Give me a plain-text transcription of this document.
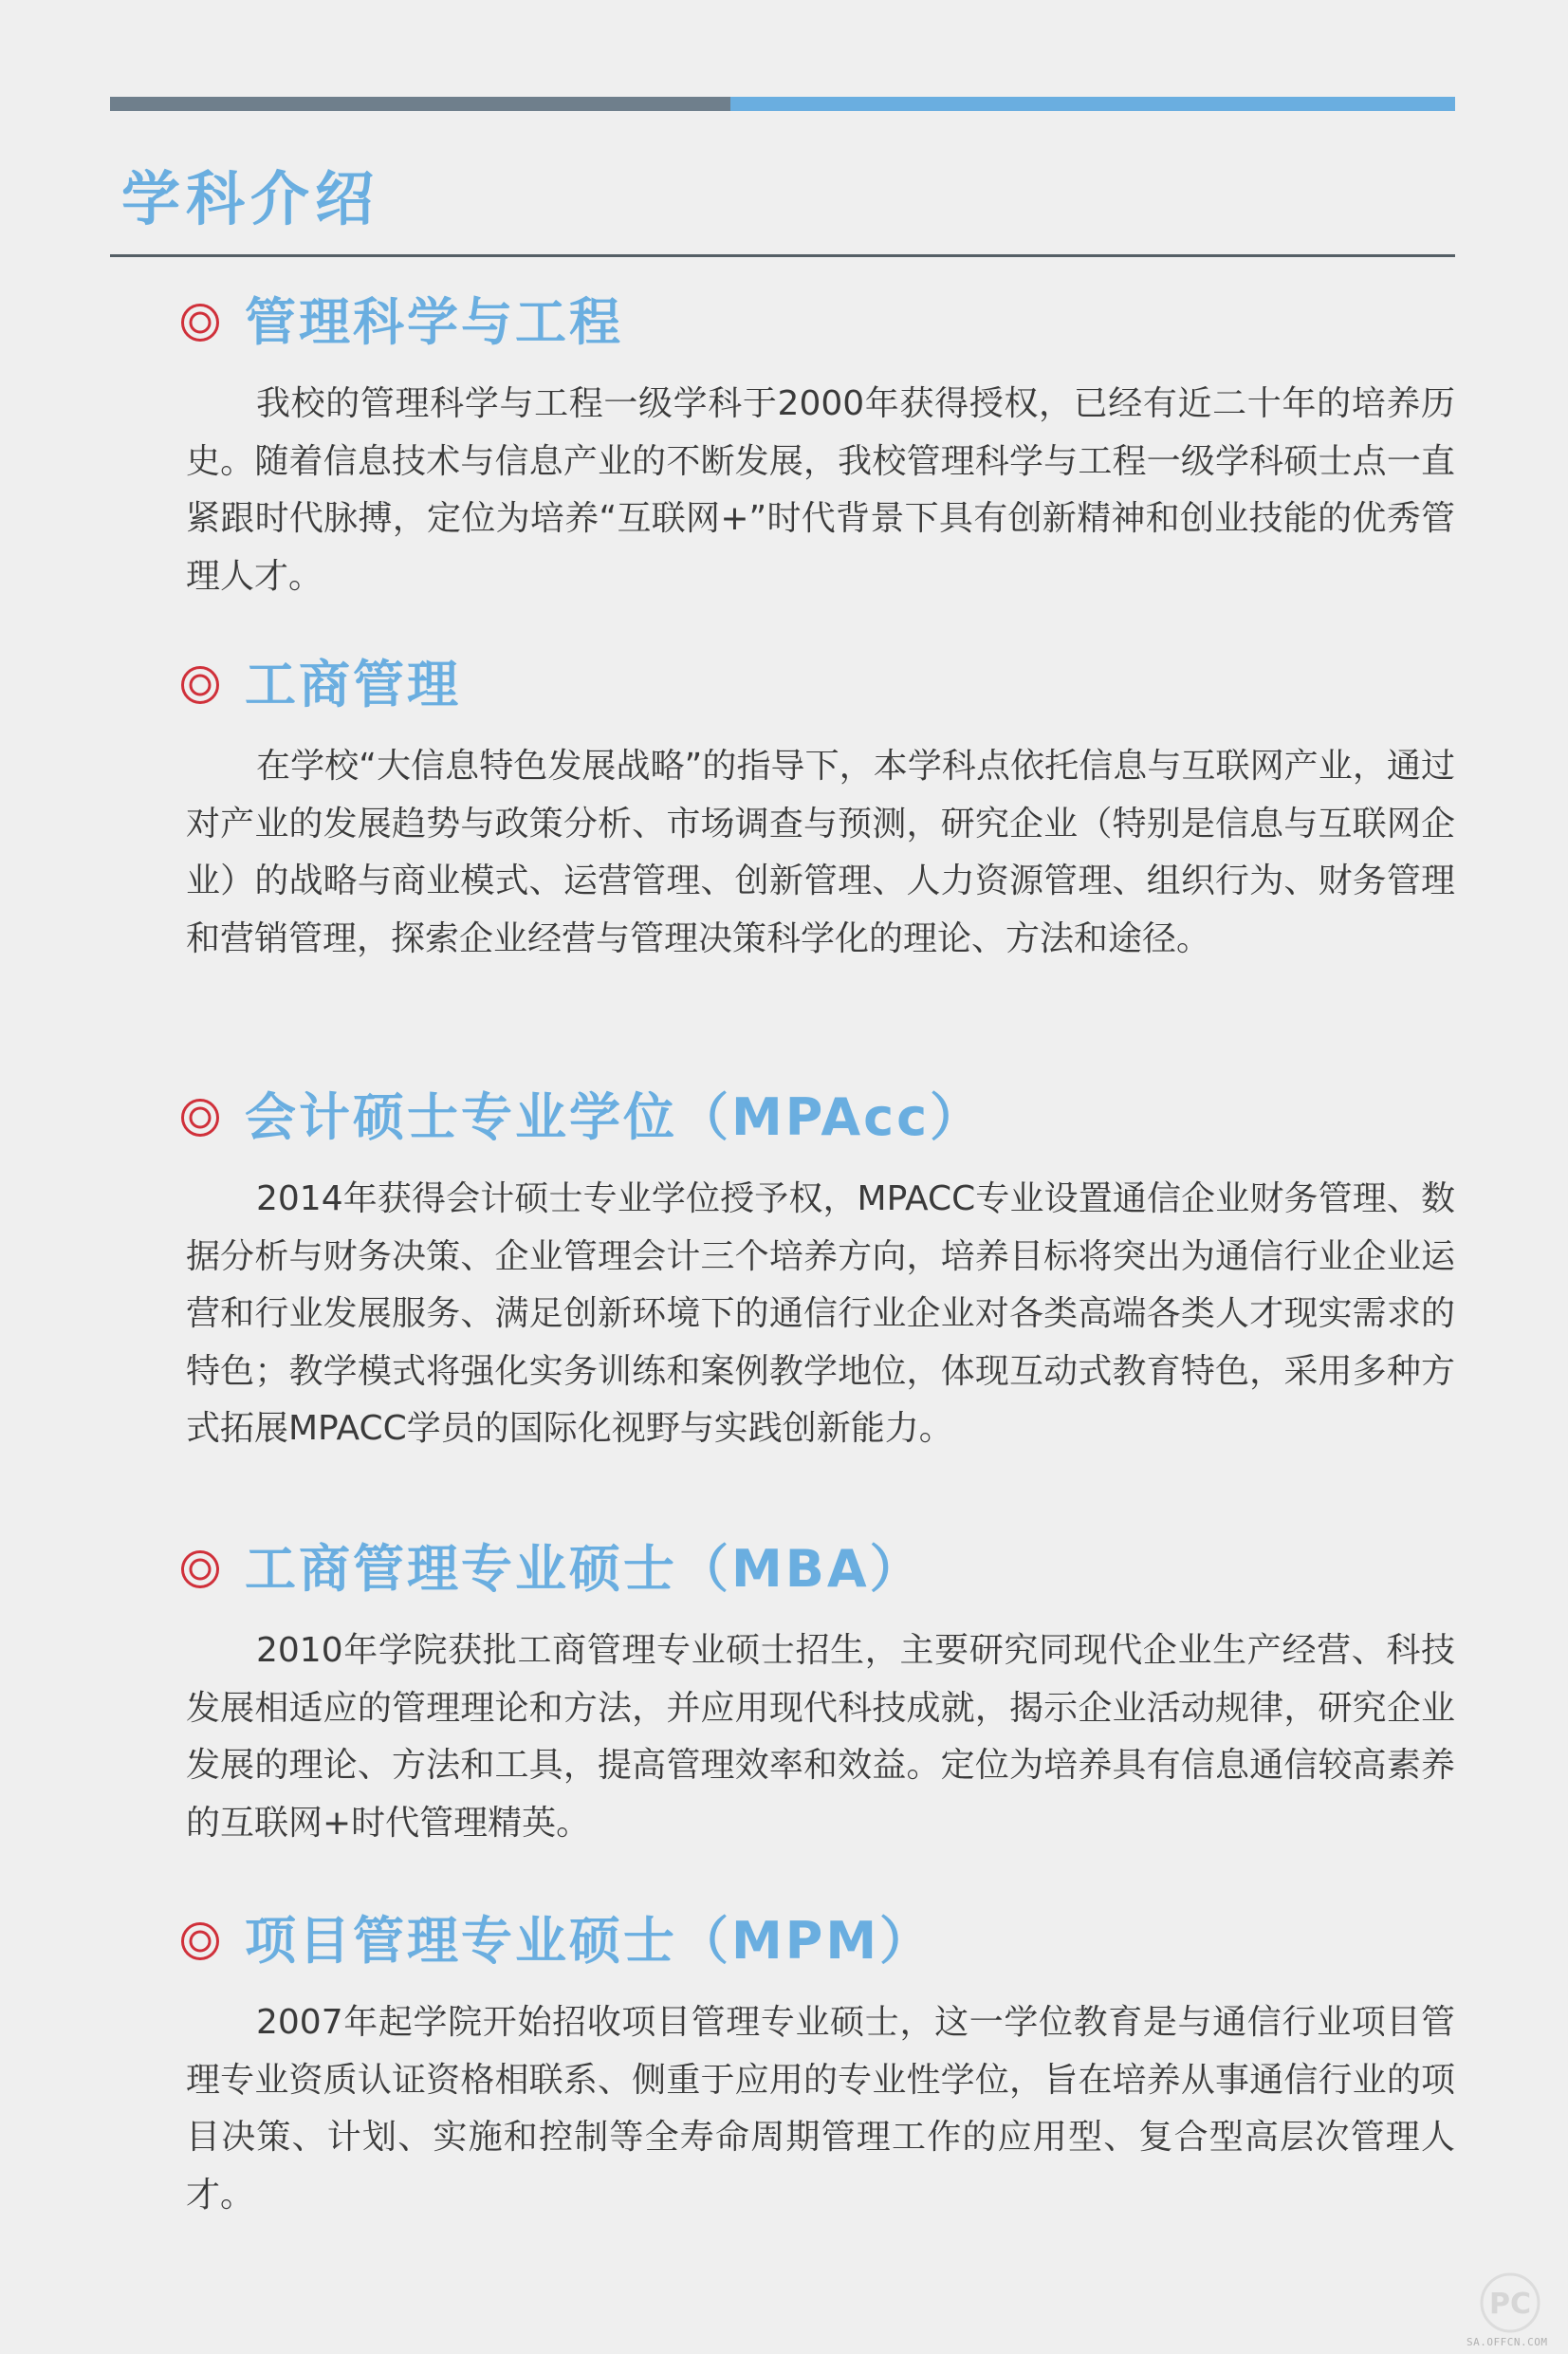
学科介绍
管理科学与工程

我校的管理科学与工程一级学科于2000年获得授权，已经有近二十年的培养历史。随着信息技术与信息产业的不断发展，我校管理科学与工程一级学科硕士点一直紧跟时代脉搏，定位为培养“互联网+”时代背景下具有创新精神和创业技能的优秀管理人才。

工商管理

在学校“大信息特色发展战略”的指导下，本学科点依托信息与互联网产业，通过对产业的发展趋势与政策分析、市场调查与预测，研究企业（特别是信息与互联网企业）的战略与商业模式、运营管理、创新管理、人力资源管理、组织行为、财务管理和营销管理，探索企业经营与管理决策科学化的理论、方法和途径。

会计硕士专业学位（MPAcc）

2014年获得会计硕士专业学位授予权，MPACC专业设置通信企业财务管理、数据分析与财务决策、企业管理会计三个培养方向，培养目标将突出为通信行业企业运营和行业发展服务、满足创新环境下的通信行业企业对各类高端各类人才现实需求的特色；教学模式将强化实务训练和案例教学地位，体现互动式教育特色，采用多种方式拓展MPACC学员的国际化视野与实践创新能力。

工商管理专业硕士（MBA）

2010年学院获批工商管理专业硕士招生，主要研究同现代企业生产经营、科技发展相适应的管理理论和方法，并应用现代科技成就，揭示企业活动规律，研究企业发展的理论、方法和工具，提高管理效率和效益。定位为培养具有信息通信较高素养的互联网+时代管理精英。

项目管理专业硕士（MPM）

2007年起学院开始招收项目管理专业硕士，这一学位教育是与通信行业项目管理专业资质认证资格相联系、侧重于应用的专业性学位，旨在培养从事通信行业的项目决策、计划、实施和控制等全寿命周期管理工作的应用型、复合型高层次管理人才。

PC
SA.OFFCN.COM
